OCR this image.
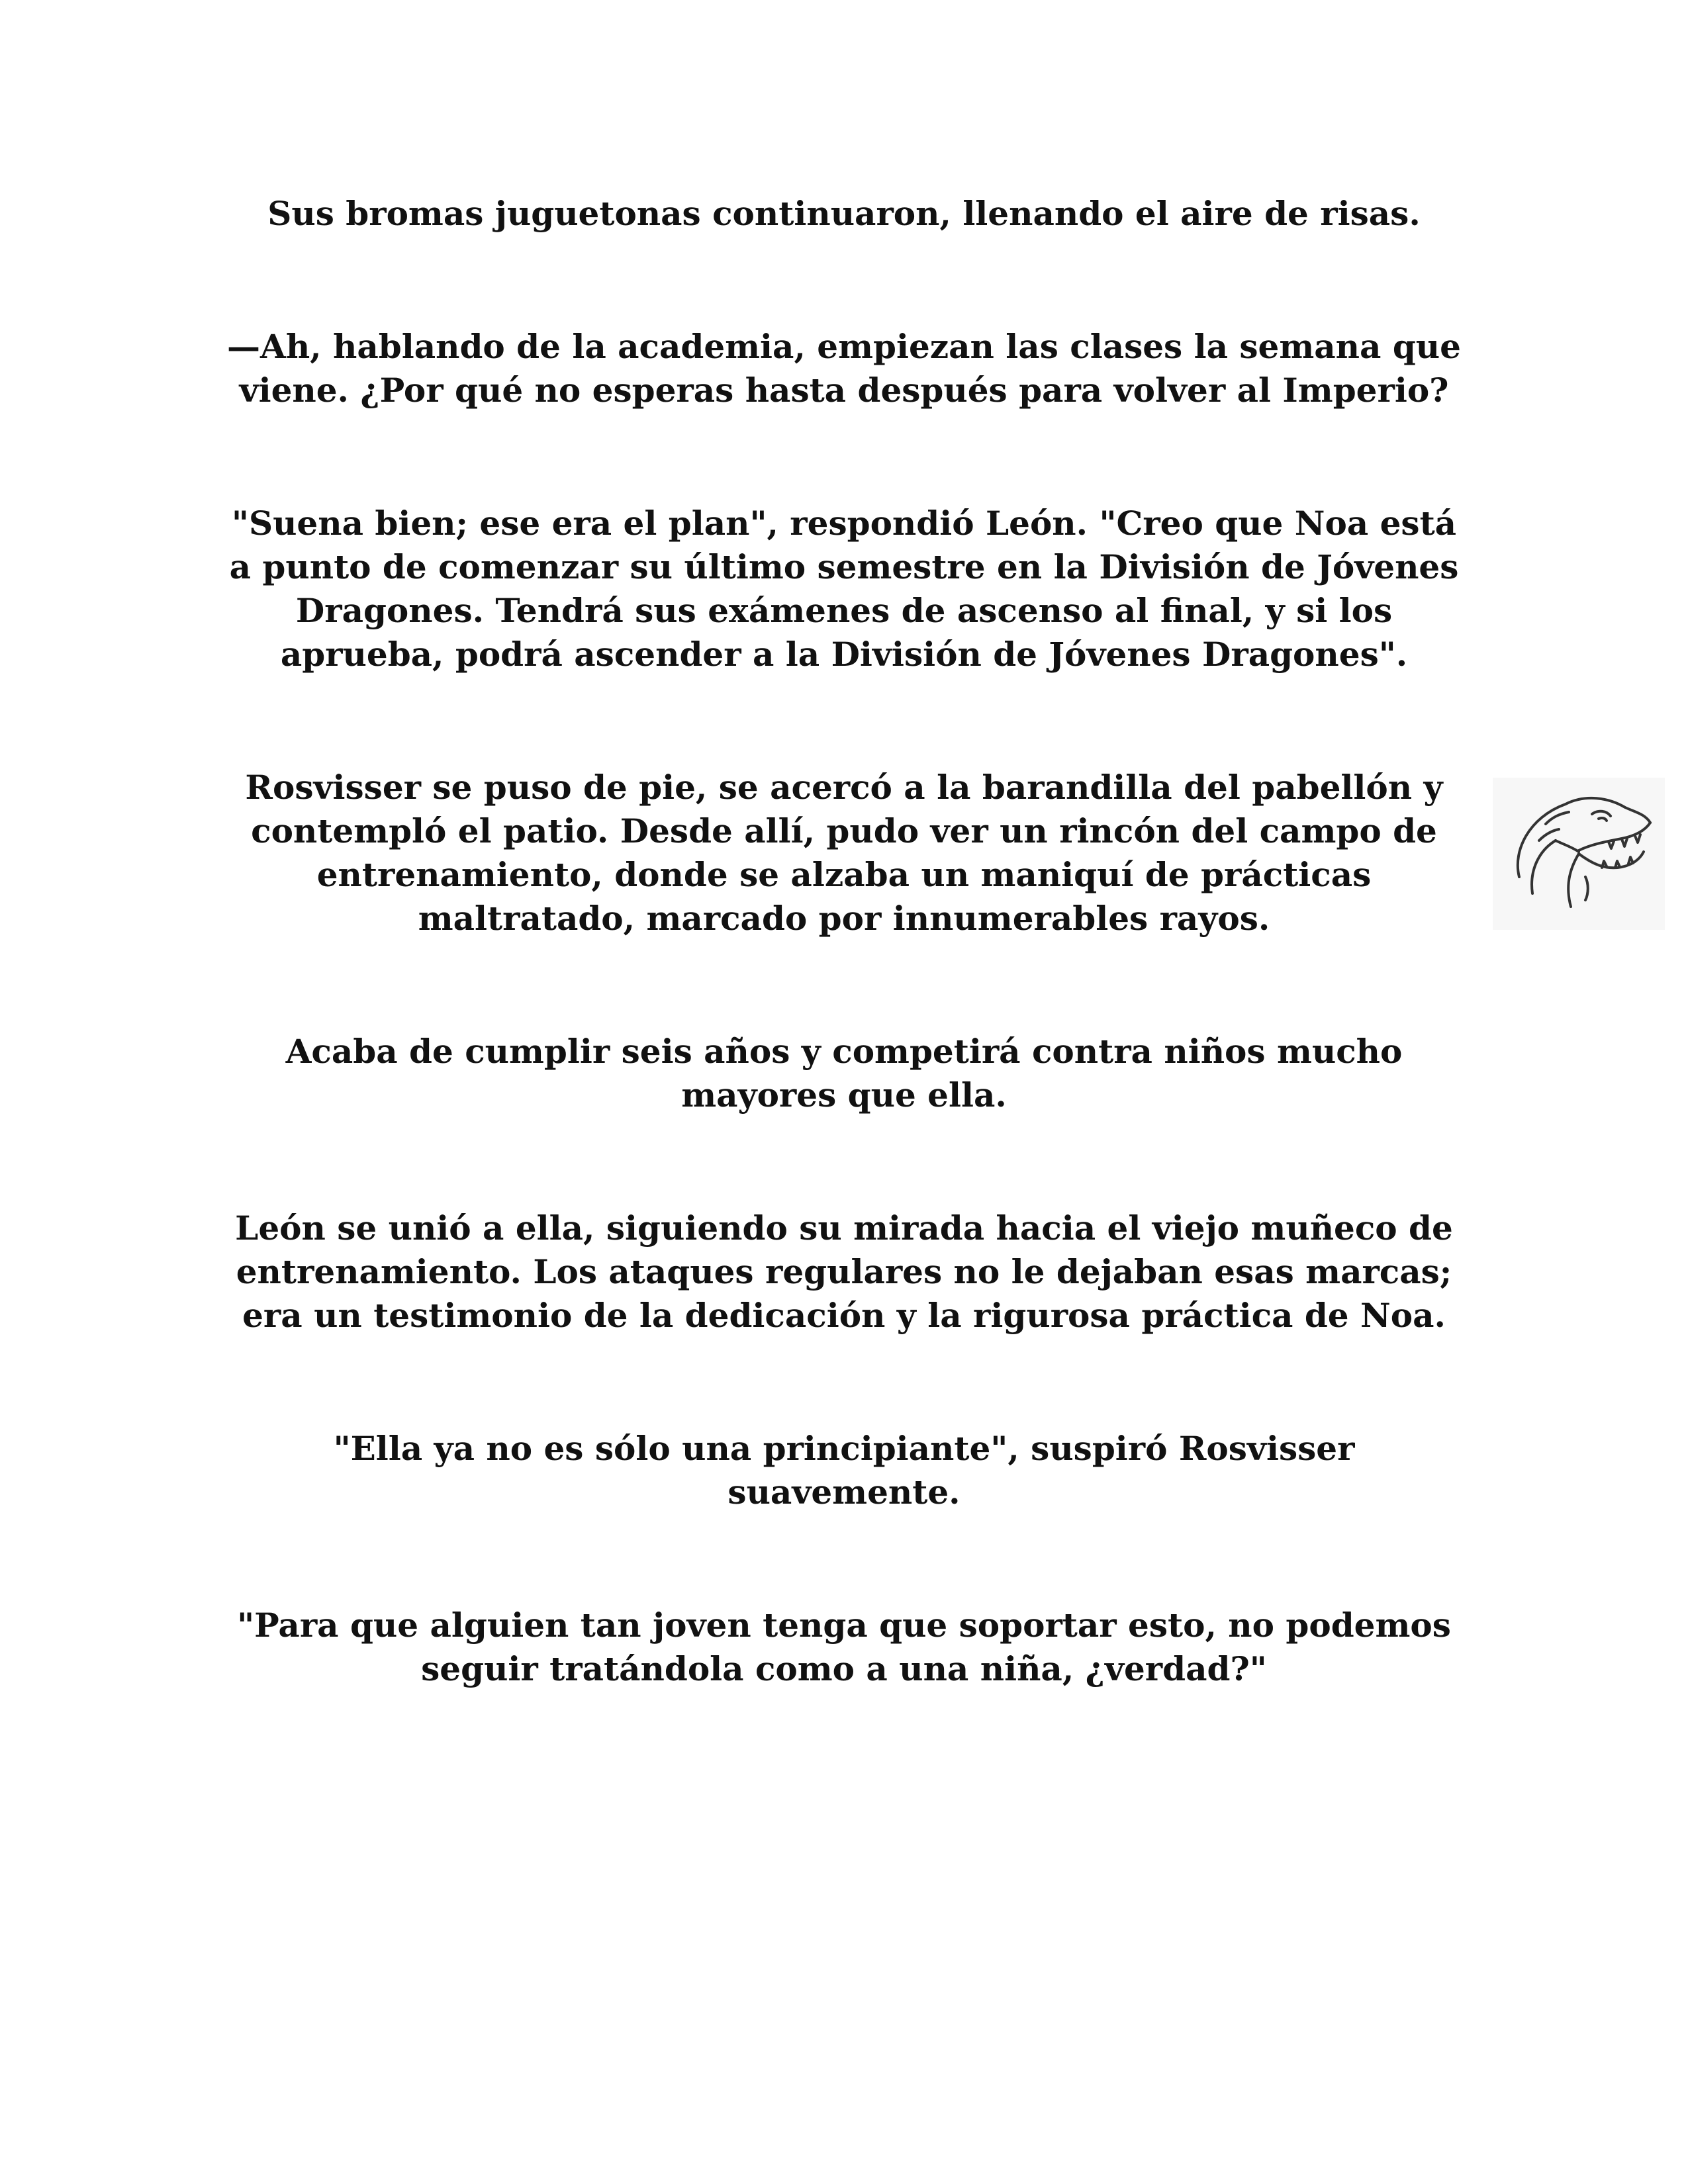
Sus bromas juguetonas continuaron, llenando el aire de risas.

—Ah, hablando de la academia, empiezan las clases la semana que viene. ¿Por qué no esperas hasta después para volver al Imperio?

"Suena bien; ese era el plan", respondió León. "Creo que Noa está a punto de comenzar su último semestre en la División de Jóvenes Dragones. Tendrá sus exámenes de ascenso al final, y si los aprueba, podrá ascender a la División de Jóvenes Dragones".

Rosvisser se puso de pie, se acercó a la barandilla del pabellón y contempló el patio. Desde allí, pudo ver un rincón del campo de entrenamiento, donde se alzaba un maniquí de prácticas maltratado, marcado por innumerables rayos.

Acaba de cumplir seis años y competirá contra niños mucho mayores que ella.

León se unió a ella, siguiendo su mirada hacia el viejo muñeco de entrenamiento. Los ataques regulares no le dejaban esas marcas; era un testimonio de la dedicación y la rigurosa práctica de Noa.

"Ella ya no es sólo una principiante", suspiró Rosvisser suavemente.

"Para que alguien tan joven tenga que soportar esto, no podemos seguir tratándola como a una niña, ¿verdad?"
